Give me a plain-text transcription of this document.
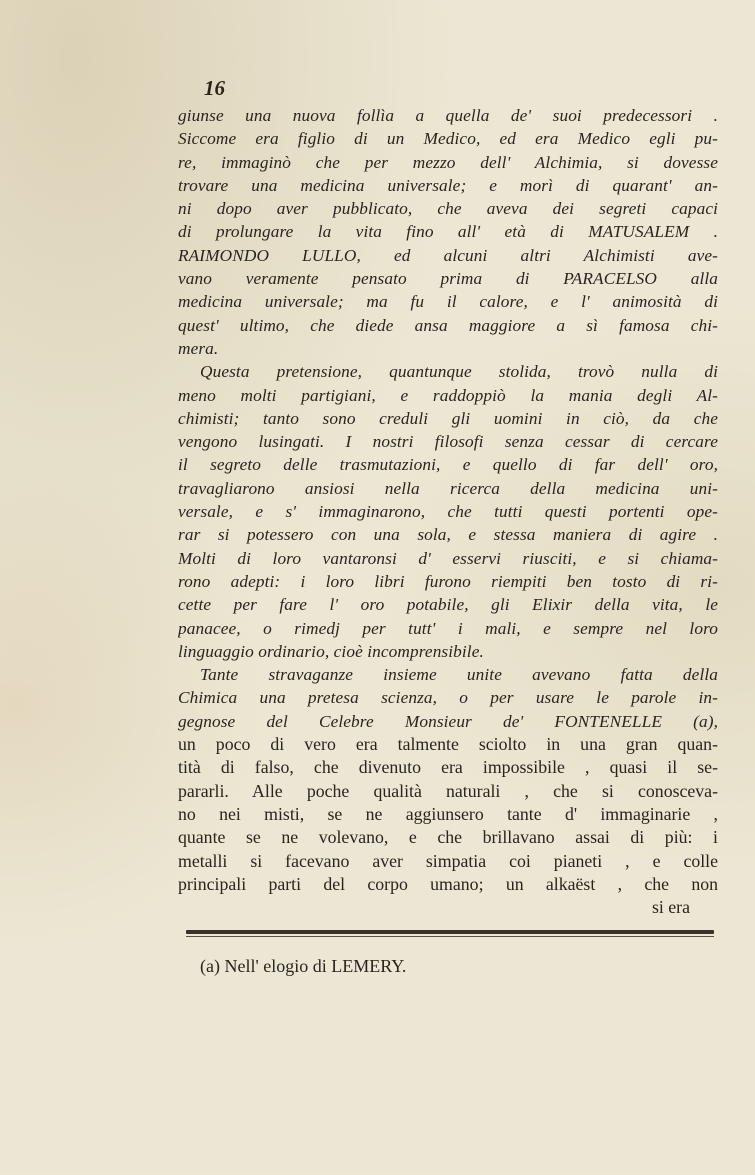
16
giunse una nuova follìa a quella de' suoi predecessori .
Siccome era figlio di un Medico, ed era Medico egli pu-
re, immaginò che per mezzo dell' Alchimia, si dovesse
trovare una medicina universale; e morì di quarant' an-
ni dopo aver pubblicato, che aveva dei segreti capaci
di prolungare la vita fino all' età di MATUSALEM .
RAIMONDO LULLO, ed alcuni altri Alchimisti ave-
vano veramente pensato prima di PARACELSO alla
medicina universale; ma fu il calore, e l' animosità di
quest' ultimo, che diede ansa maggiore a sì famosa chi-
mera.
Questa pretensione, quantunque stolida, trovò nulla di
meno molti partigiani, e raddoppiò la mania degli Al-
chimisti; tanto sono creduli gli uomini in ciò, da che
vengono lusingati. I nostri filosofi senza cessar di cercare
il segreto delle trasmutazioni, e quello di far dell' oro,
travagliarono ansiosi nella ricerca della medicina uni-
versale, e s' immaginarono, che tutti questi portenti ope-
rar si potessero con una sola, e stessa maniera di agire .
Molti di loro vantaronsi d' esservi riusciti, e si chiama-
rono adepti: i loro libri furono riempiti ben tosto di ri-
cette per fare l' oro potabile, gli Elixir della vita, le
panacee, o rimedj per tutt' i mali, e sempre nel loro
linguaggio ordinario, cioè incomprensibile.
Tante stravaganze insieme unite avevano fatta della
Chimica una pretesa scienza, o per usare le parole in-
gegnose del Celebre Monsieur de' FONTENELLE (a),
un poco di vero era talmente sciolto in una gran quan-
tità di falso, che divenuto era impossibile , quasi il se-
pararli. Alle poche qualità naturali , che si conosceva-
no nei misti, se ne aggiunsero tante d' immaginarie ,
quante se ne volevano, e che brillavano assai di più: i
metalli si facevano aver simpatia coi pianeti , e colle
principali parti del corpo umano; un alkaëst , che non
si era
(a) Nell' elogio di LEMERY.
